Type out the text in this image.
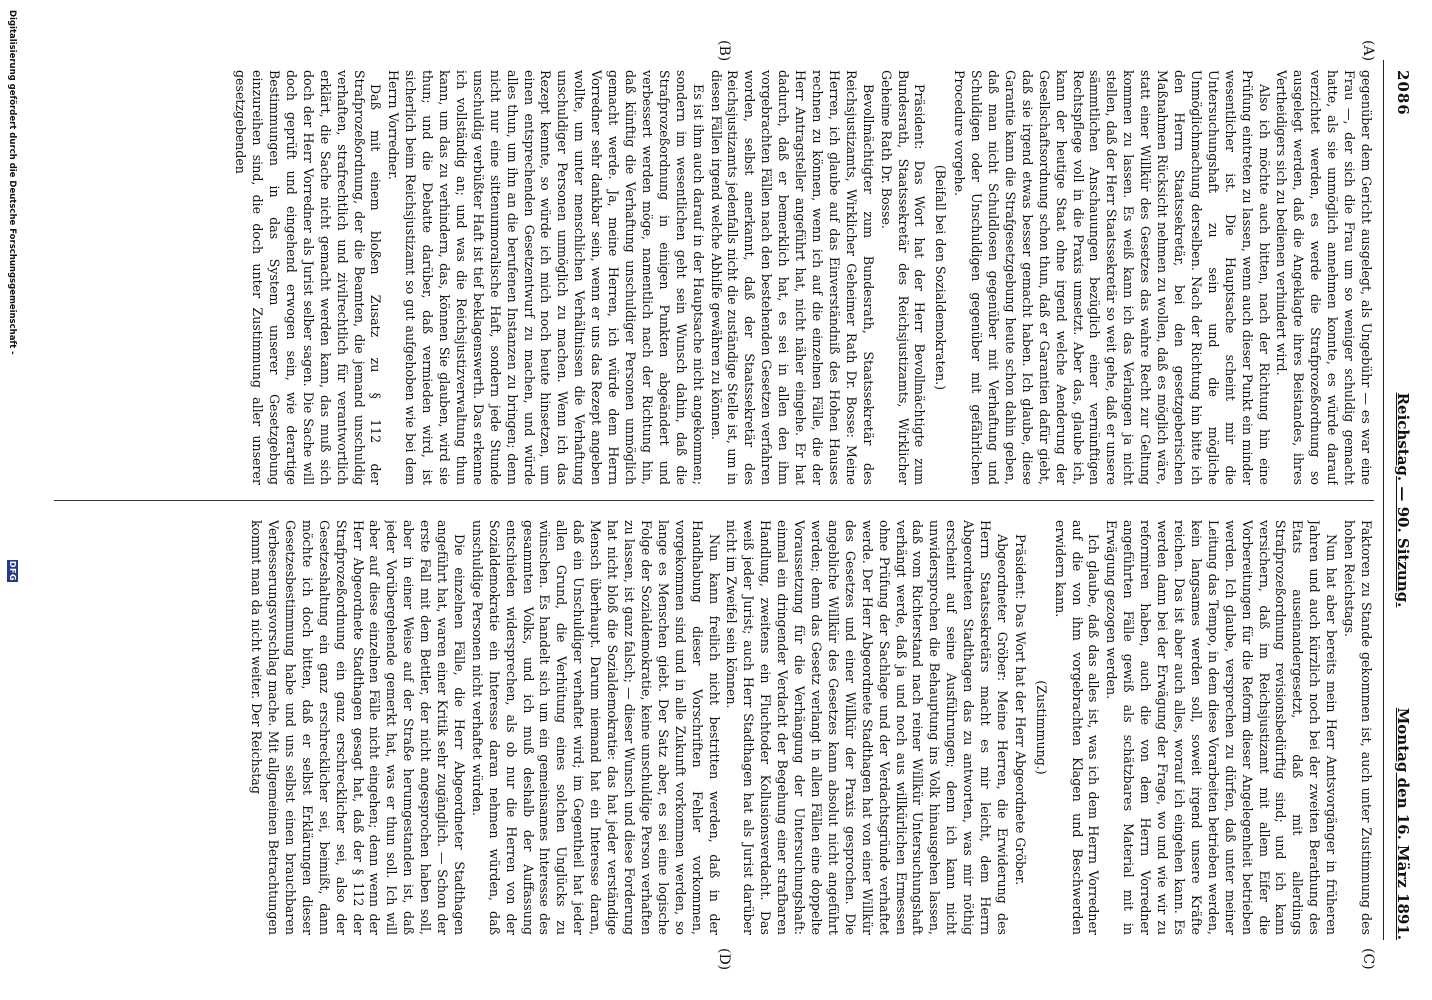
2086
Reichstag. — 90. Sitzung.
Montag den 16. März 1891.
(A)
(B)
(C)
(D)

gegenüber dem Gericht ausgelegt, als Ungebühr — es war eine Frau —, der sich die Frau um so weniger schuldig gemacht hatte, als sie unmöglich annehmen konnte, es würde darauf verzichtet werden, es werde die Strafprozeßordnung so ausgelegt werden, daß die Angeklagte ihres Beistandes, ihres Vertheidigers sich zu bedienen verhindert wird.

Also ich möchte auch bitten, nach der Richtung hin eine Prüfung eintreten zu lassen, wenn auch dieser Punkt ein minder wesentlicher ist. Die Hauptsache scheint mir die Untersuchungshaft zu sein und die mögliche Unmöglichmachung derselben. Nach der Richtung hin bitte ich den Herrn Staatssekretär, bei den gesetzgeberischen Maßnahmen Rücksicht nehmen zu wollen, daß es möglich wäre, statt einer Willkür des Gesetzes das wahre Recht zur Geltung kommen zu lassen. Es weiß kann ich das Verlangen ja nicht stellen, daß der Herr Staatssekretär so weit gehe, daß er unsere sämmtlichen Anschauungen bezüglich einer vernünftigen Rechtspflege voll in die Praxis umsetzt. Aber das, glaube ich, kann der heutige Staat ohne irgend welche Aenderung der Gesellschaftsordnung schon thun, daß er Garantien dafür giebt, daß sie irgend etwas besser gemacht haben. Ich glaube, diese Garantie kann die Strafgesetzgebung heute schon dahin geben, daß man nicht Schuldlosen gegenüber mit Verhaftung und Schuldigen oder Unschuldigen gegenüber mit gefährlichen Procedure vorgehe.

(Beifall bei den Sozialdemokraten.)

Präsident: Das Wort hat der Herr Bevollmächtigte zum Bundesrath, Staatssekretär des Reichsjustizamts, Wirklicher Geheime Rath Dr. Bosse.

Bevollmächtigter zum Bundesrath, Staatssekretär des Reichsjustizamts, Wirklicher Geheimer Rath Dr. Bosse: Meine Herren, ich glaube auf das Einverständniß des Hohen Hauses rechnen zu können, wenn ich auf die einzelnen Fälle, die der Herr Antragsteller angeführt hat, nicht näher eingehe. Er hat dadurch, daß er bemerklich hat, es sei in allen den ihm vorgebrachten Fällen nach den bestehenden Gesetzen verfahren worden, selbst anerkannt, daß der Staatssekretär des Reichsjustizamts jedenfalls nicht die zuständige Stelle ist, um in diesen Fällen irgend welche Abhilfe gewähren zu können.

Es ist ihm auch darauf in der Hauptsache nicht angekommen; sondern im wesentlichen geht sein Wunsch dahin, daß die Strafprozeßordnung in einigen Punkten abgeändert und verbessert werden möge, namentlich nach der Richtung hin, daß künftig die Verhaftung unschuldiger Personen unmöglich gemacht werde. Ja, meine Herren, ich würde dem Herrn Vorredner sehr dankbar sein, wenn er uns das Rezept angeben wollte, um unter menschlichen Verhältnissen die Verhaftung unschuldiger Personen unmöglich zu machen. Wenn ich das Rezept kennte, so würde ich mich noch heute hinsetzen, um einen entsprechenden Gesetzentwurf zu machen, und würde alles thun, um ihn an die berufenen Instanzen zu bringen; denn nicht nur eine sittenunmoralische Haft, sondern jede Stunde unschuldig verbüßter Haft ist tief beklagenswerth. Das erkenne ich vollständig an; und was die Reichsjustizverwaltung thun kann, um das zu verhindern, das, können Sie glauben, wird sie thun; und die Debatte darüber, daß vermieden wird, ist sicherlich beim Reichsjustizamt so gut aufgehoben wie bei dem Herrn Vorredner.

Daß mit einem bloßen Zusatz zu § 112 der Strafprozeßordnung, der die Beamten, die jemand unschuldig verhaften, strafrechtlich und zivilrechtlich für verantwortlich erklärt, die Sache nicht gemacht werden kann, das muß sich doch der Herr Vorredner als Jurist selber sagen. Die Sache will doch geprüft und eingehend erwogen sein, wie derartige Bestimmungen in das System unserer Gesetzgebung einzureihen sind, die doch unter Zustimmung aller unserer gesetzgebenden

Faktoren zu Stande gekommen ist, auch unter Zustimmung des hohen Reichstags.

Nun hat aber bereits mein Herr Amtsvorgänger in früheren Jahren und auch kürzlich noch bei der zweiten Berathung des Etats auseinandergesetzt, daß mit allerdings Strafprozeßordnung revisionsbedürftig sind; und ich kann versichern, daß im Reichsjustizamt mit allem Eifer die Vorbereitungen für die Reform dieser Angelegenheit betrieben werden. Ich glaube, versprechen zu dürfen, daß unter meiner Leitung das Tempo, in dem diese Vorarbeiten betrieben werden, kein langsames werden soll, soweit irgend unsere Kräfte reichen. Das ist aber auch alles, worauf ich eingehen kann. Es werden dann bei der Erwägung der Frage, wo und wie wir zu reformiren haben, auch die von dem Herrn Vorredner angeführten Fälle gewiß als schätzbares Material mit in Erwägung gezogen werden.

Ich glaube, daß das alles ist, was ich dem Herrn Vorredner auf die von ihm vorgebrachten Klagen und Beschwerden erwidern kann.

(Zustimmung.)

Präsident: Das Wort hat der Herr Abgeordnete Gröber.

Abgeordneter Gröber: Meine Herren, die Erwiderung des Herrn Staatssekretärs macht es mir leicht, dem Herrn Abgeordneten Stadthagen das zu antworten, was mir nöthig erscheint auf seine Ausführungen; denn ich kann nicht unwidersprochen die Behauptung ins Volk hinausgehen lassen, daß vom Richterstand nach reiner Willkür Untersuchungshaft verhängt werde, daß ja und noch aus willkürlichen Ermessen ohne Prüfung der Sachlage und der Verdachtsgründe verhaftet werde. Der Herr Abgeordnete Stadthagen hat von einer Willkür des Gesetzes und einer Willkür der Praxis gesprochen. Die angebliche Willkür des Gesetzes kann absolut nicht angeführt werden; denn das Gesetz verlangt in allen Fällen eine doppelte Voraussetzung für die Verhängung der Untersuchungshaft: einmal ein dringender Verdacht der Begehung einer strafbaren Handlung, zweitens ein Fluchtoder Kollusionsverdacht. Das weiß jeder Jurist; auch Herr Stadthagen hat als Jurist darüber nicht im Zweifel sein können.

Nun kann freilich nicht bestritten werden, daß in der Handhabung dieser Vorschriften Fehler vorkommen, vorgekommen sind und in alle Zukunft vorkommen werden, so lange es Menschen giebt. Der Satz aber, es sei eine logische Folge der Sozialdemokratie, keine unschuldige Person verhaften zu lassen, ist ganz falsch; — dieser Wunsch und diese Forderung hat nicht bloß die Sozialdemokratie: das hat jeder verständige Mensch überhaupt. Darum niemand hat ein Interesse daran, daß ein Unschuldiger verhaftet wird; im Gegentheil hat jeder allen Grund, die Verhütung eines solchen Unglücks zu wünschen. Es handelt sich um ein gemeinsames Interesse des gesammten Volks, und ich muß deshalb der Auffassung entschieden widersprechen, als ob nur die Herren von der Sozialdemokratie ein Interesse daran nehmen würden, daß unschuldige Personen nicht verhaftet würden.

Die einzelnen Fälle, die Herr Abgeordneter Stadthagen angeführt hat, waren einer Kritik sehr zugänglich. — Schon der erste Fall mit dem Bettler, der nicht angesprochen haben soll, aber in einer Weise auf der Straße herumgestanden ist, daß jeder Vorübergehende gemerkt hat, was er thun soll. Ich will aber auf diese einzelnen Fälle nicht eingehen; denn wenn der Herr Abgeordnete Stadthagen gesagt hat, daß der § 112 der Strafprozeßordnung ein ganz erschrecklicher sei, also der Gesetzeshaltung ein ganz erschrecklicher sei, beimißt, dann möchte ich doch bitten, daß er selbst Erklärungen dieser Gesetzesbestimmung habe und uns selbst einen brauchbaren Verbesserungsvorschlag mache. Mit allgemeinen Betrachtungen kommt man da nicht weiter. Der Reichstag

Digitalisierung gefördert durch die Deutsche Forschungsgemeinschaft -
DFG
